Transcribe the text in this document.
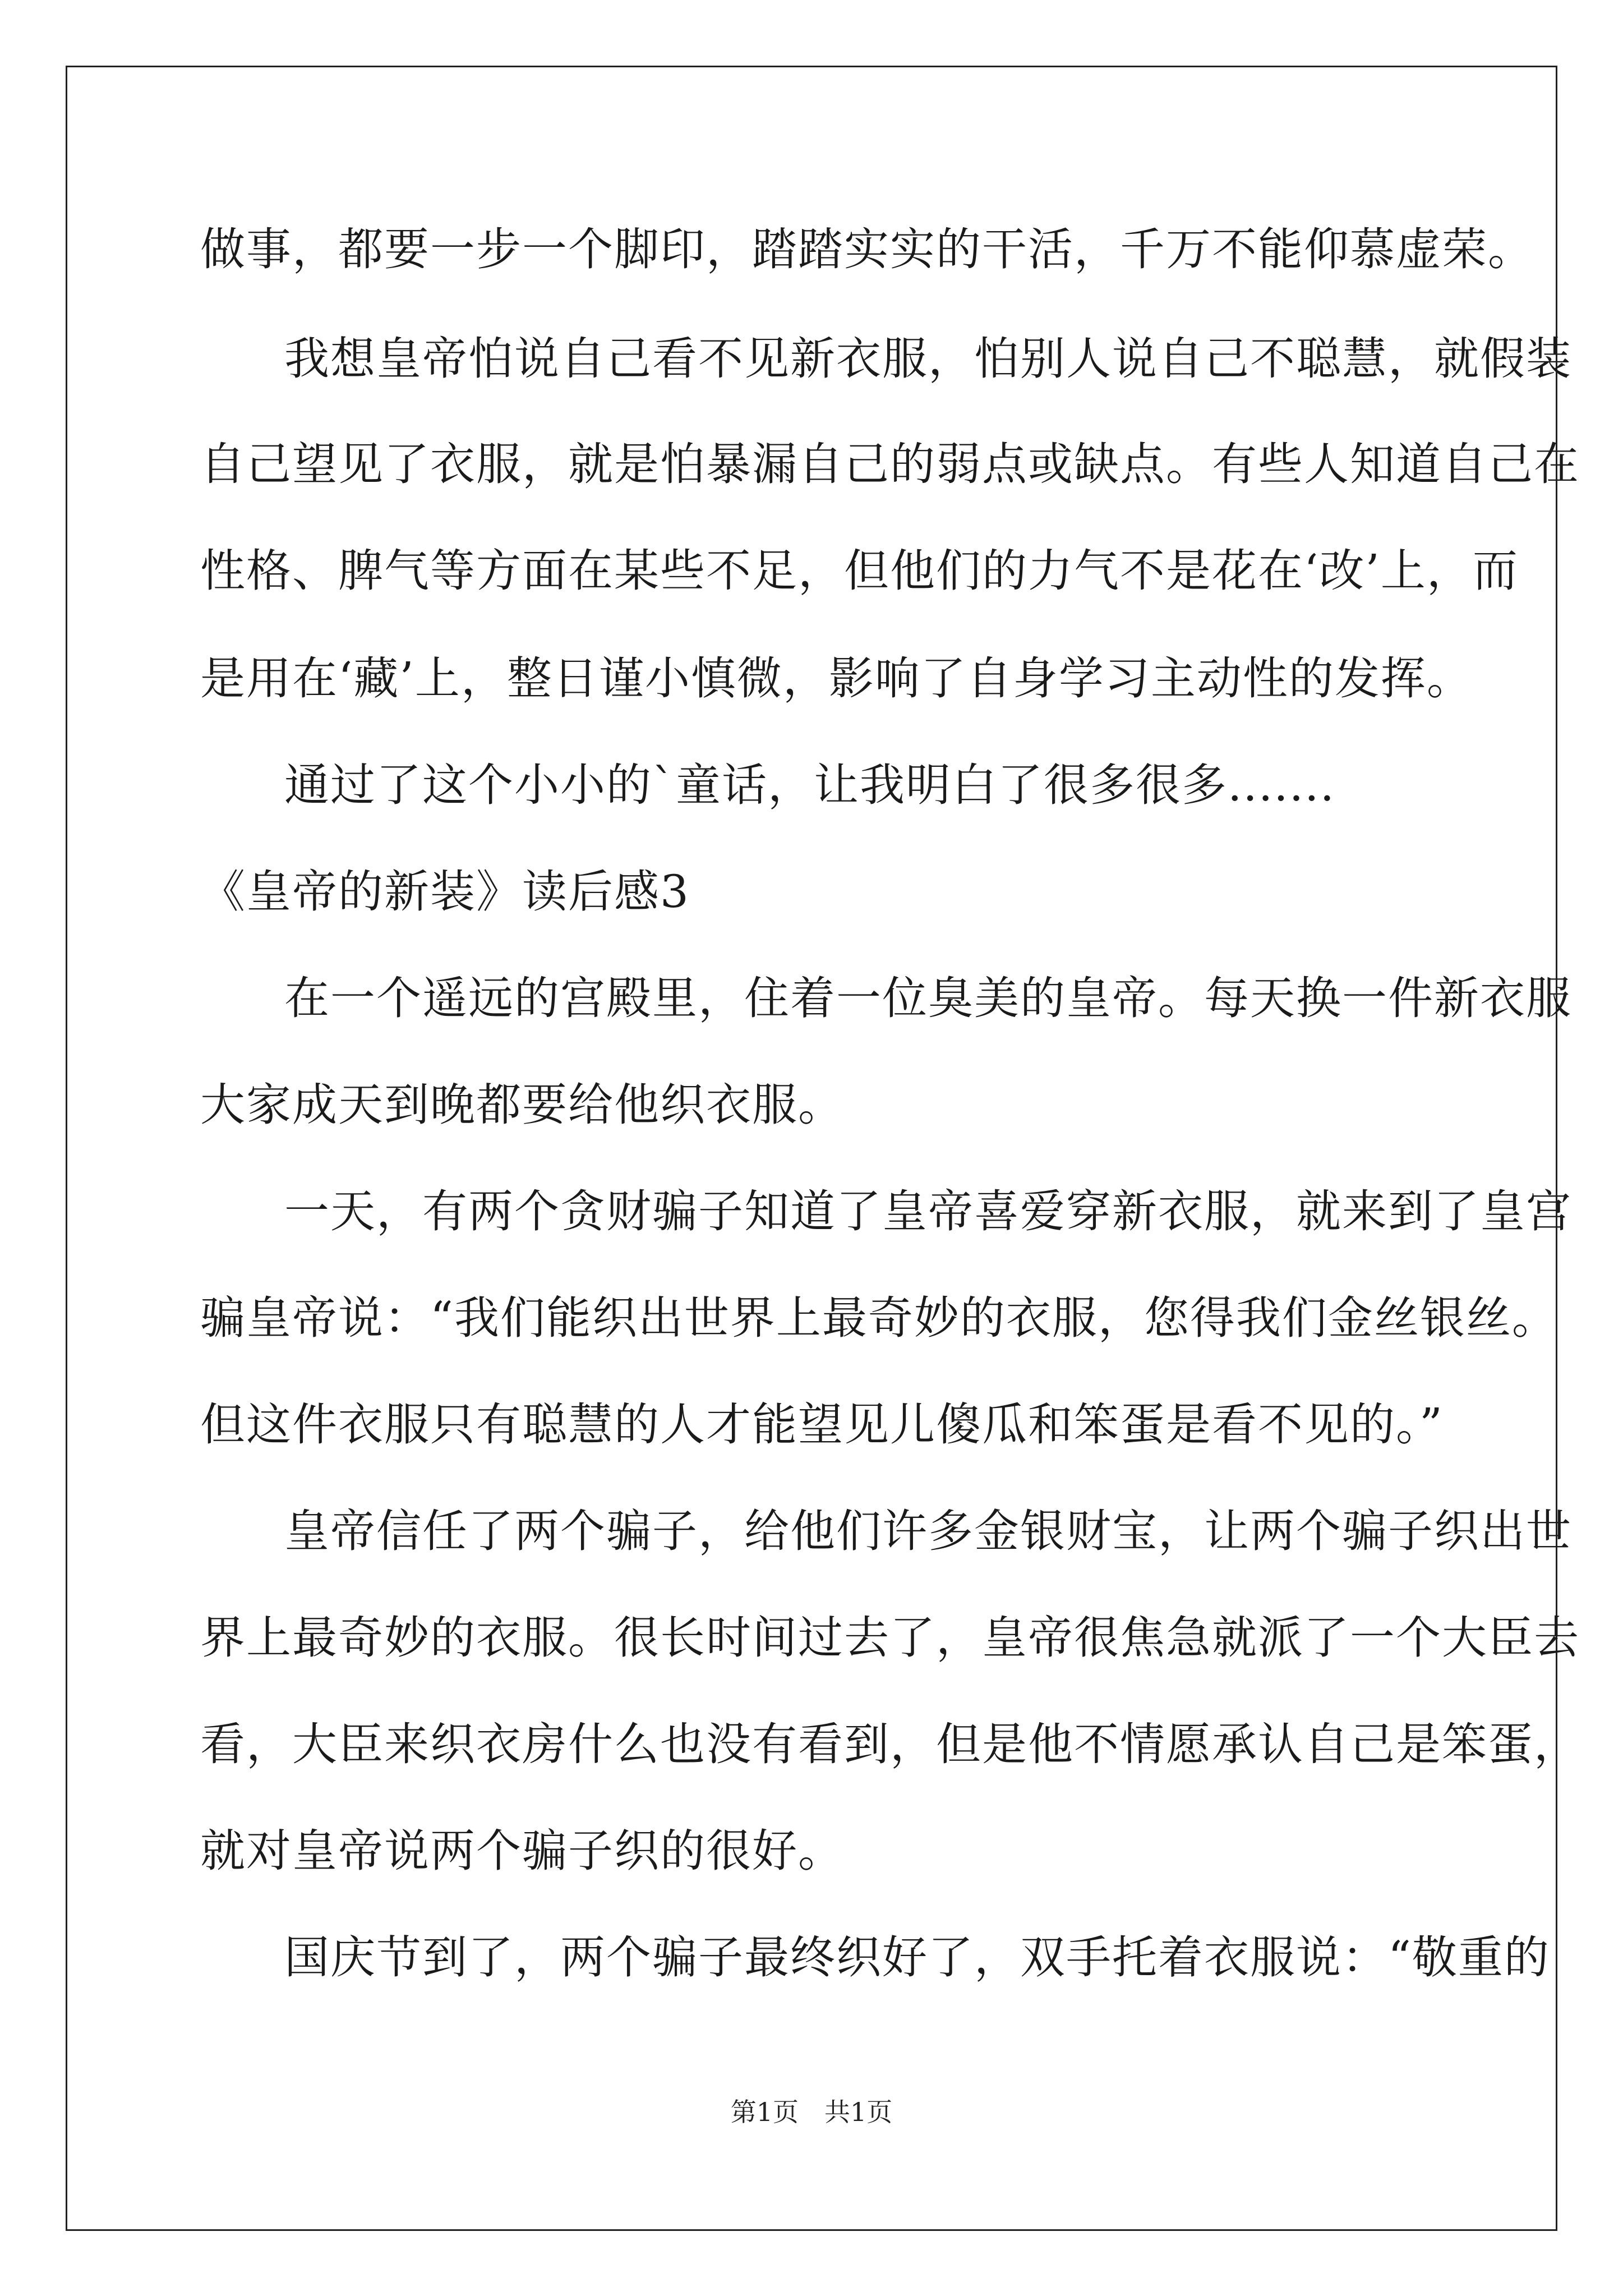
做事，都要一步一个脚印，踏踏实实的干活，千万不能仰慕虚荣。
我想皇帝怕说自己看不见新衣服，怕别人说自己不聪慧，就假装
自己望见了衣服，就是怕暴漏自己的弱点或缺点。有些人知道自己在
性格、脾气等方面在某些不足，但他们的力气不是花在‘改’上，而
是用在‘藏’上，整日谨小慎微，影响了自身学习主动性的发挥。
通过了这个小小的`童话，让我明白了很多很多.......
《皇帝的新装》读后感3
在一个遥远的宫殿里，住着一位臭美的皇帝。每天换一件新衣服
大家成天到晚都要给他织衣服。
一天，有两个贪财骗子知道了皇帝喜爱穿新衣服，就来到了皇宫
骗皇帝说：“我们能织出世界上最奇妙的衣服，您得我们金丝银丝。
但这件衣服只有聪慧的人才能望见儿傻瓜和笨蛋是看不见的。”
皇帝信任了两个骗子，给他们许多金银财宝，让两个骗子织出世
界上最奇妙的衣服。很长时间过去了，皇帝很焦急就派了一个大臣去
看，大臣来织衣房什么也没有看到，但是他不情愿承认自己是笨蛋，
就对皇帝说两个骗子织的很好。
国庆节到了，两个骗子最终织好了，双手托着衣服说：“敬重的
第1页　共1页
